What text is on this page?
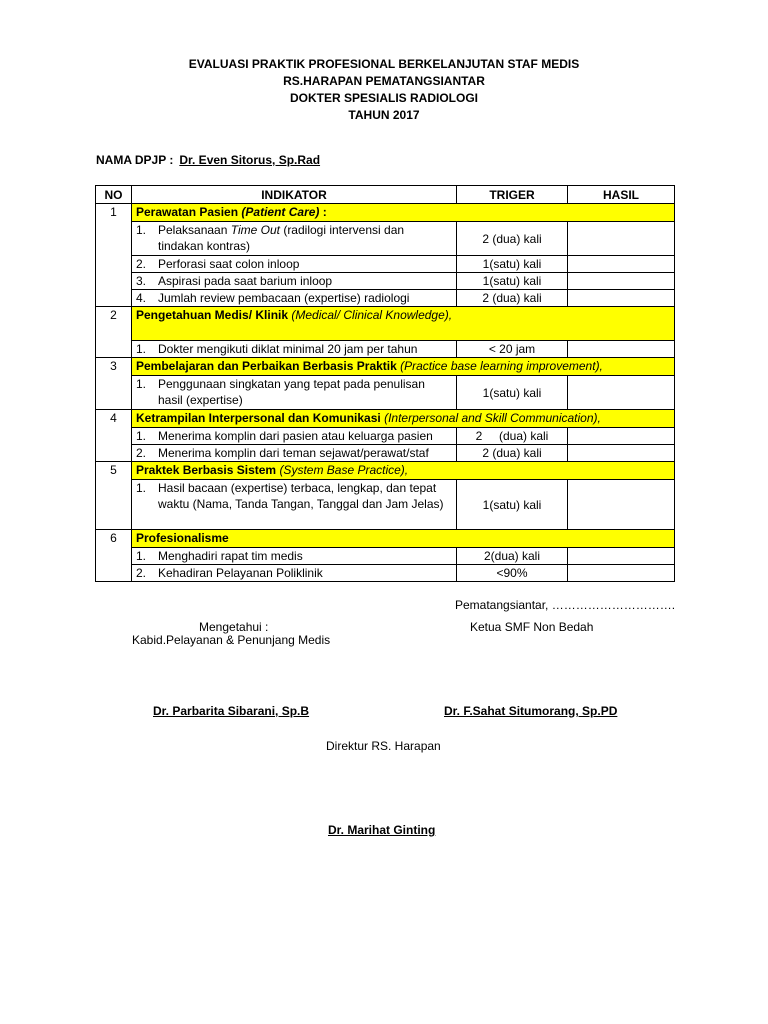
EVALUASI PRAKTIK PROFESIONAL BERKELANJUTAN STAF MEDIS
RS.HARAPAN PEMATANGSIANTAR
DOKTER SPESIALIS RADIOLOGI
TAHUN 2017
NAMA DPJP : Dr. Even Sitorus, Sp.Rad
NO	INDIKATOR	TRIGER	HASIL
1	Perawatan Pasien (Patient Care) :		

	1. Pelaksanaan Time Out (radilogi intervensi dan tindakan kontras)	2 (dua) kali	

	2. Perforasi saat colon inloop	1(satu) kali	

	3. Aspirasi pada saat barium inloop	1(satu) kali	

	4. Jumlah review pembacaan (expertise) radiologi	2 (dua) kali	
2	Pengetahuan Medis/ Klinik (Medical/ Clinical Knowledge),		

	1. Dokter mengikuti diklat minimal 20 jam per tahun	< 20 jam	
3	Pembelajaran dan Perbaikan Berbasis Praktik (Practice base learning improvement),		

	1. Penggunaan singkatan yang tepat pada penulisan hasil (expertise)	1(satu) kali	
4	Ketrampilan Interpersonal dan Komunikasi (Interpersonal and Skill Communication),		

	1. Menerima komplin dari pasien atau keluarga pasien	2     (dua) kali	

	2. Menerima komplin dari teman sejawat/perawat/staf	2 (dua) kali	
5	Praktek Berbasis Sistem (System Base Practice),		

	1. Hasil bacaan (expertise) terbaca, lengkap, dan tepat waktu (Nama, Tanda Tangan, Tanggal dan Jam Jelas)	1(satu) kali	
6	Profesionalisme		

	1. Menghadiri rapat tim medis	2(dua) kali	

	2. Kehadiran Pelayanan Poliklinik	<90%	
Pematangsiantar, ………………………….
Mengetahui :
Kabid.Pelayanan & Penunjang Medis
Ketua SMF Non Bedah
Dr. Parbarita Sibarani, Sp.B	Dr. F.Sahat Situmorang, Sp.PD
Direktur RS. Harapan
Dr. Marihat Ginting
